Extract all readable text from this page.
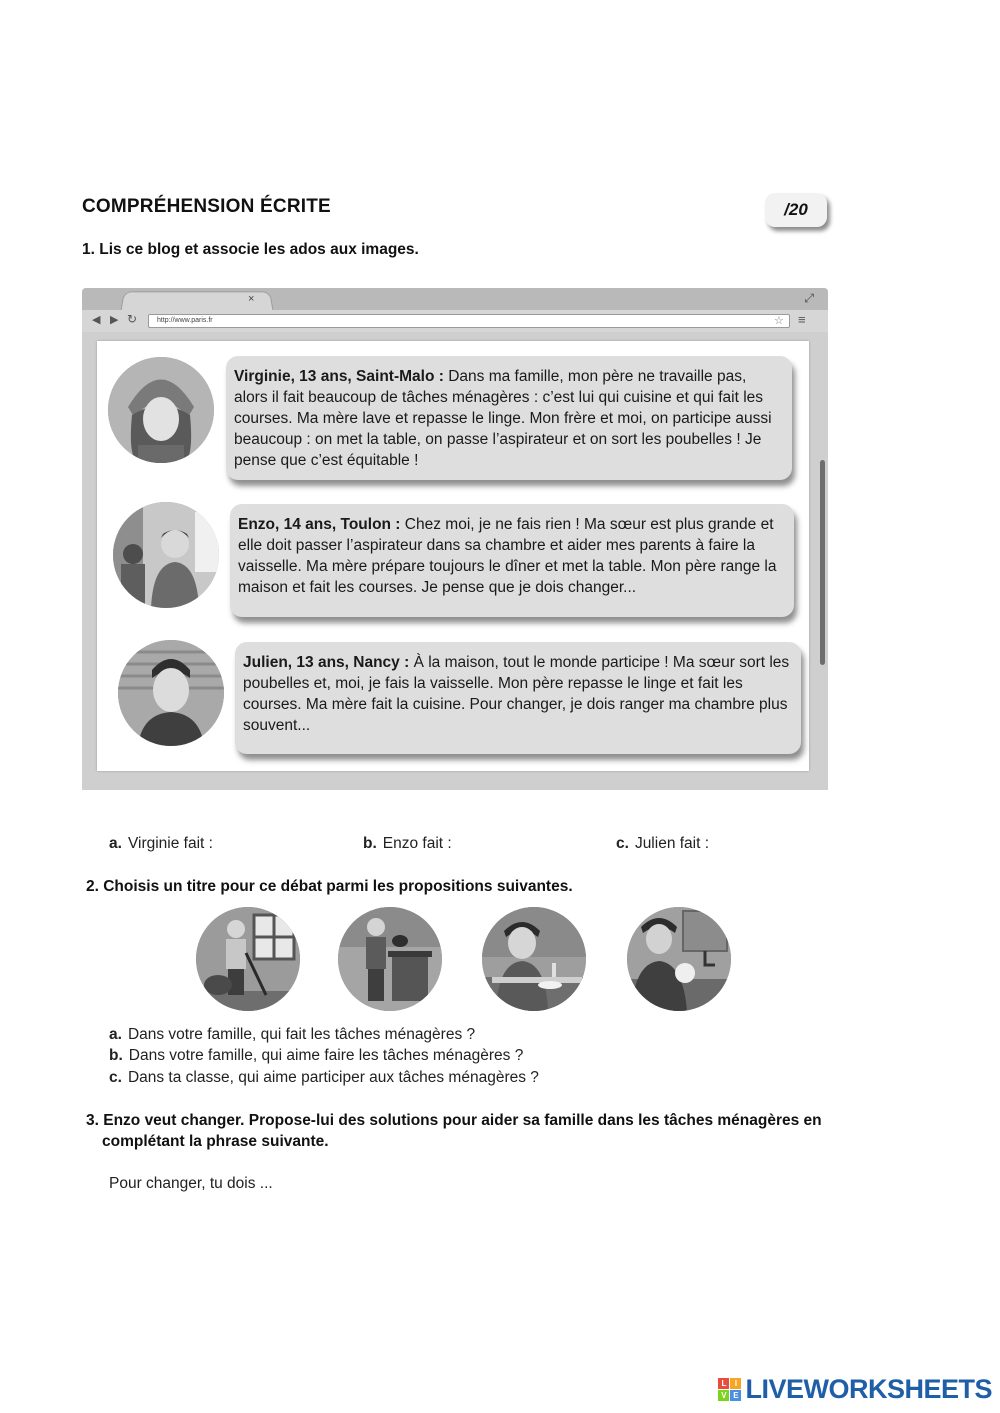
COMPRÉHENSION ÉCRITE	/20
1. Lis ce blog et associe les ados aux images.
×	⤢
◀ ▶ ↻	http://www.paris.fr	☆ ≡
Virginie, 13 ans, Saint-Malo : Dans ma famille, mon père ne travaille pas, alors il fait beaucoup de tâches ménagères : c’est lui qui cuisine et qui fait les courses. Ma mère lave et repasse le linge. Mon frère et moi, on participe aussi beaucoup : on met la table, on passe l’aspirateur et on sort les poubelles ! Je pense que c’est équitable !
Enzo, 14 ans, Toulon : Chez moi, je ne fais rien ! Ma sœur est plus grande et elle doit passer l’aspirateur dans sa chambre et aider mes parents à faire la vaisselle. Ma mère prépare toujours le dîner et met la table. Mon père range la maison et fait les courses. Je pense que je dois changer...
Julien, 13 ans, Nancy : À la maison, tout le monde participe ! Ma sœur sort les poubelles et, moi, je fais la vaisselle. Mon père repasse le linge et fait les courses. Ma mère fait la cuisine. Pour changer, je dois ranger ma chambre plus souvent...
a. Virginie fait :	b. Enzo fait :	c. Julien fait :
2. Choisis un titre pour ce débat parmi les propositions suivantes.
a. Dans votre famille, qui fait les tâches ménagères ?
b. Dans votre famille, qui aime faire les tâches ménagères ?
c. Dans ta classe, qui aime participer aux tâches ménagères ?
3. Enzo veut changer. Propose-lui des solutions pour aider sa famille dans les tâches ménagères en
complétant la phrase suivante.
Pour changer, tu dois ...
L	I
V E LIVEWORKSHEETS
